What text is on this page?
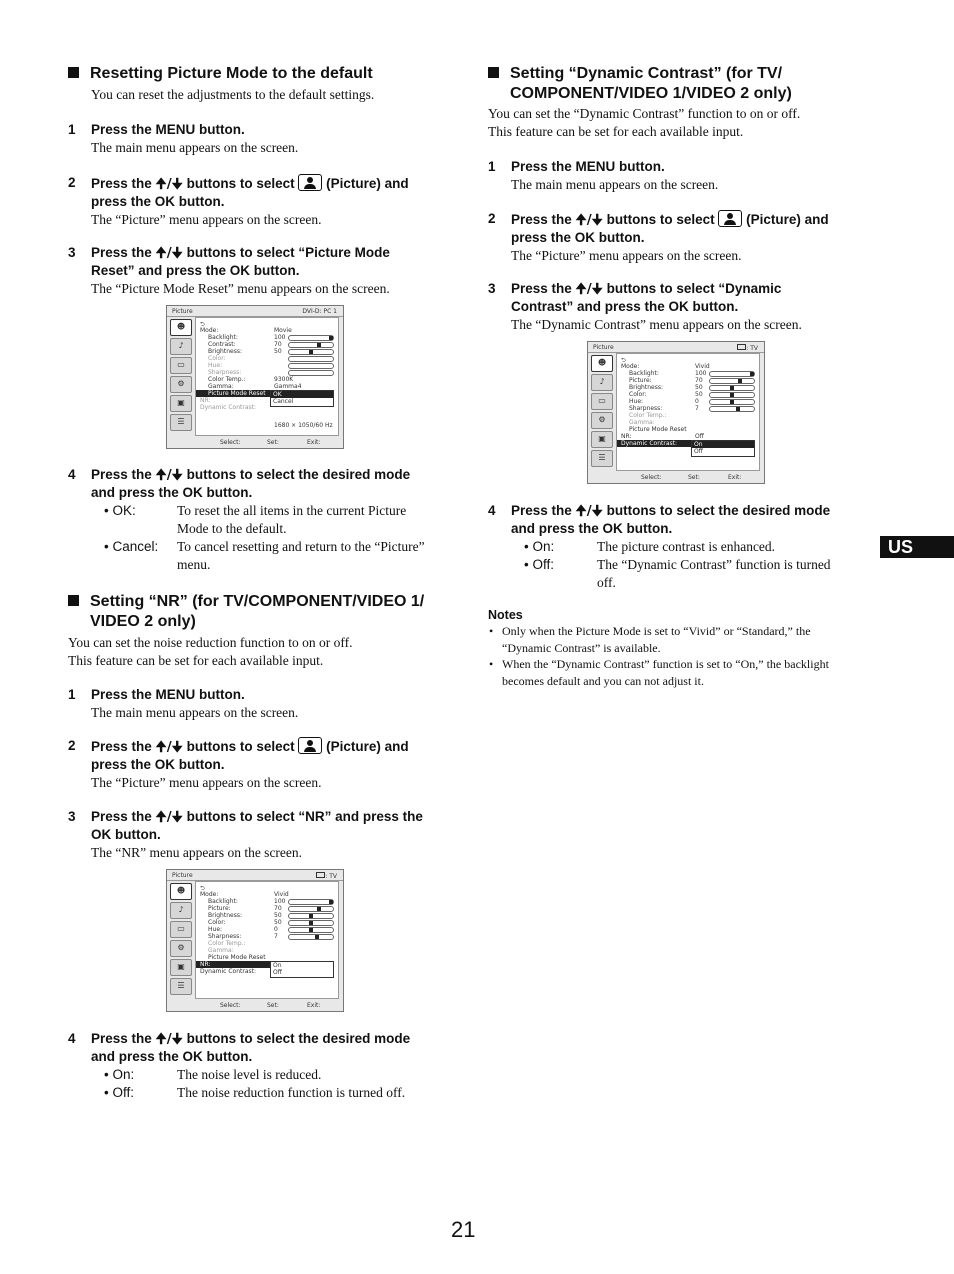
Resetting Picture Mode to the default
You can reset the adjustments to the default settings.
1 Press the MENU button.
The main menu appears on the screen.
2 Press the 🠉/🠋 buttons to select  (Picture) and
press the OK button.
The “Picture” menu appears on the screen.
3 Press the 🠉/🠋 buttons to select “Picture Mode
Reset” and press the OK button.
The “Picture Mode Reset” menu appears on the screen.
Picture	DVI-D: PC 1
☻
♪
▭
⚙
▣
☰
⮌
Mode:	Movie
Backlight:	100
Contrast:	70
Brightness:	50
Color:
Hue:
Sharpness:
Color Temp.:	9300K
Gamma:	Gamma4
Picture Mode Reset
NR:
Dynamic Contrast:
OK
Cancel
1680 × 1050/60 Hz
Select:	Set:	Exit:
4 Press the 🠉/🠋 buttons to select the desired mode
and press the OK button.
• OK:	To reset the all items in the current Picture
Mode to the default.
• Cancel: To cancel resetting and return to the “Picture”
menu.
Setting “NR” (for TV/COMPONENT/VIDEO 1/
VIDEO 2 only)
You can set the noise reduction function to on or off.
This feature can be set for each available input.
1 Press the MENU button.
The main menu appears on the screen.
2 Press the 🠉/🠋 buttons to select  (Picture) and
press the OK button.
The “Picture” menu appears on the screen.
3 Press the 🠉/🠋 buttons to select “NR” and press the
OK button.
The “NR” menu appears on the screen.
Picture	: TV
☻
♪
▭
⚙
▣
☰
⮌
Mode:	Vivid
Backlight:	100
Picture:	70
Brightness:	50
Color:	50
Hue:	0
Sharpness:	7
Color Temp.:
Gamma:
Picture Mode Reset
NR:
Dynamic Contrast:
On
Off
Select:	Set:	Exit:
4 Press the 🠉/🠋 buttons to select the desired mode
and press the OK button.
• On:	The noise level is reduced.
• Off:	The noise reduction function is turned off.
Setting “Dynamic Contrast” (for TV/
COMPONENT/VIDEO 1/VIDEO 2 only)
You can set the “Dynamic Contrast” function to on or off.
This feature can be set for each available input.
1 Press the MENU button.
The main menu appears on the screen.
2 Press the 🠉/🠋 buttons to select  (Picture) and
press the OK button.
The “Picture” menu appears on the screen.
3 Press the 🠉/🠋 buttons to select “Dynamic
Contrast” and press the OK button.
The “Dynamic Contrast” menu appears on the screen.
Picture	: TV
☻
♪
▭
⚙
▣
☰
⮌
Mode:	Vivid
Backlight:	100
Picture:	70
Brightness:	50
Color:	50
Hue:	0
Sharpness:	7
Color Temp.:
Gamma:
Picture Mode Reset
NR:	Off
Dynamic Contrast:	On
Off
Select:	Set:	Exit:
4 Press the 🠉/🠋 buttons to select the desired mode
and press the OK button.
• On:	The picture contrast is enhanced.
• Off:	The “Dynamic Contrast” function is turned
off.
Notes
• Only when the Picture Mode is set to “Vivid” or “Standard,” the
“Dynamic Contrast” is available.
• When the “Dynamic Contrast” function is set to “On,” the backlight
becomes default and you can not adjust it.
US
21
